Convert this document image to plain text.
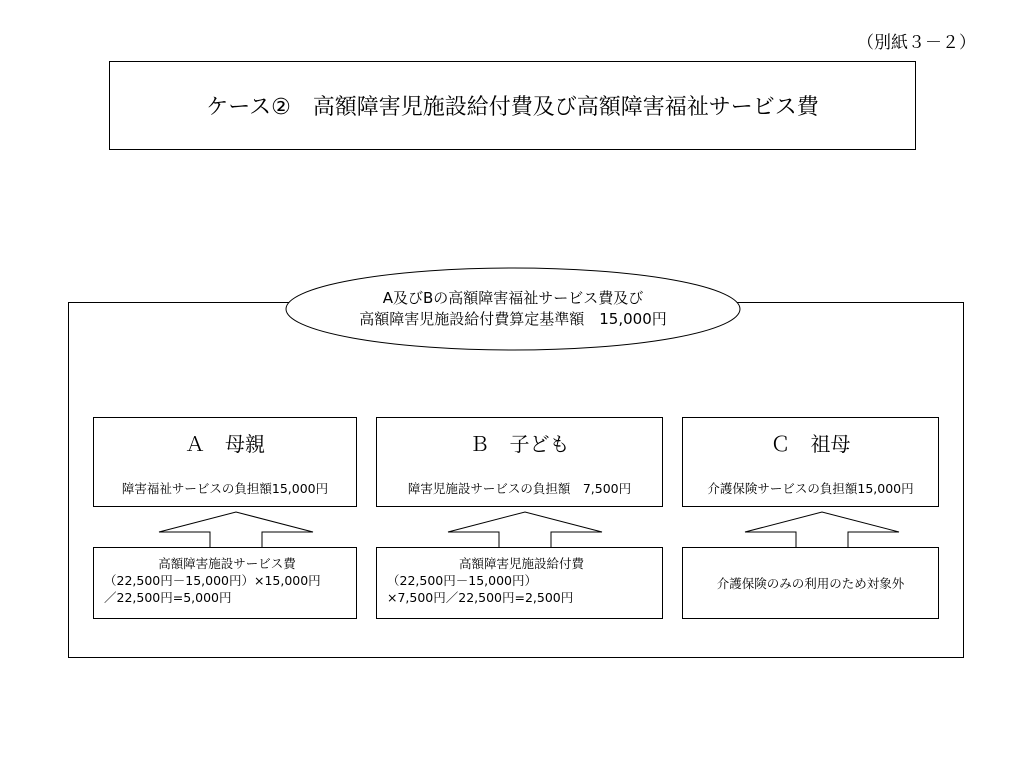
（別紙３－２）
ケース②　高額障害児施設給付費及び高額障害福祉サービス費
A及びBの高額障害福祉サービス費及び
高額障害児施設給付費算定基準額　15,000円
Ａ　母親
障害福祉サービスの負担額15,000円
Ｂ　子ども
障害児施設サービスの負担額　7,500円
Ｃ　祖母
介護保険サービスの負担額15,000円
高額障害施設サービス費
（22,500円－15,000円）×15,000円
／22,500円=5,000円
高額障害児施設給付費
（22,500円－15,000円）
×7,500円／22,500円=2,500円
介護保険のみの利用のため対象外
